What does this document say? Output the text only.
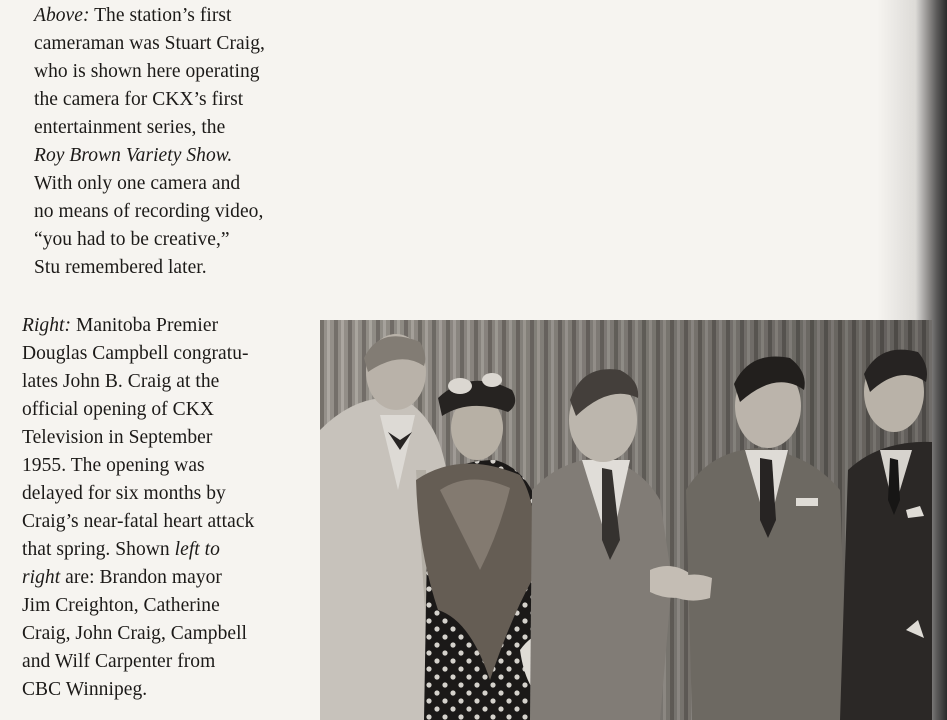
Above: The station’s first
cameraman was Stuart Craig,
who is shown here operating
the camera for CKX’s first
entertainment series, the
Roy Brown Variety Show.
With only one camera and
no means of recording video,
“you had to be creative,”
Stu remembered later.
Right: Manitoba Premier
Douglas Campbell congratu-
lates John B. Craig at the
official opening of CKX
Television in September
1955. The opening was
delayed for six months by
Craig’s near-fatal heart attack
that spring. Shown left to
right are: Brandon mayor
Jim Creighton, Catherine
Craig, John Craig, Campbell
and Wilf Carpenter from
CBC Winnipeg.
